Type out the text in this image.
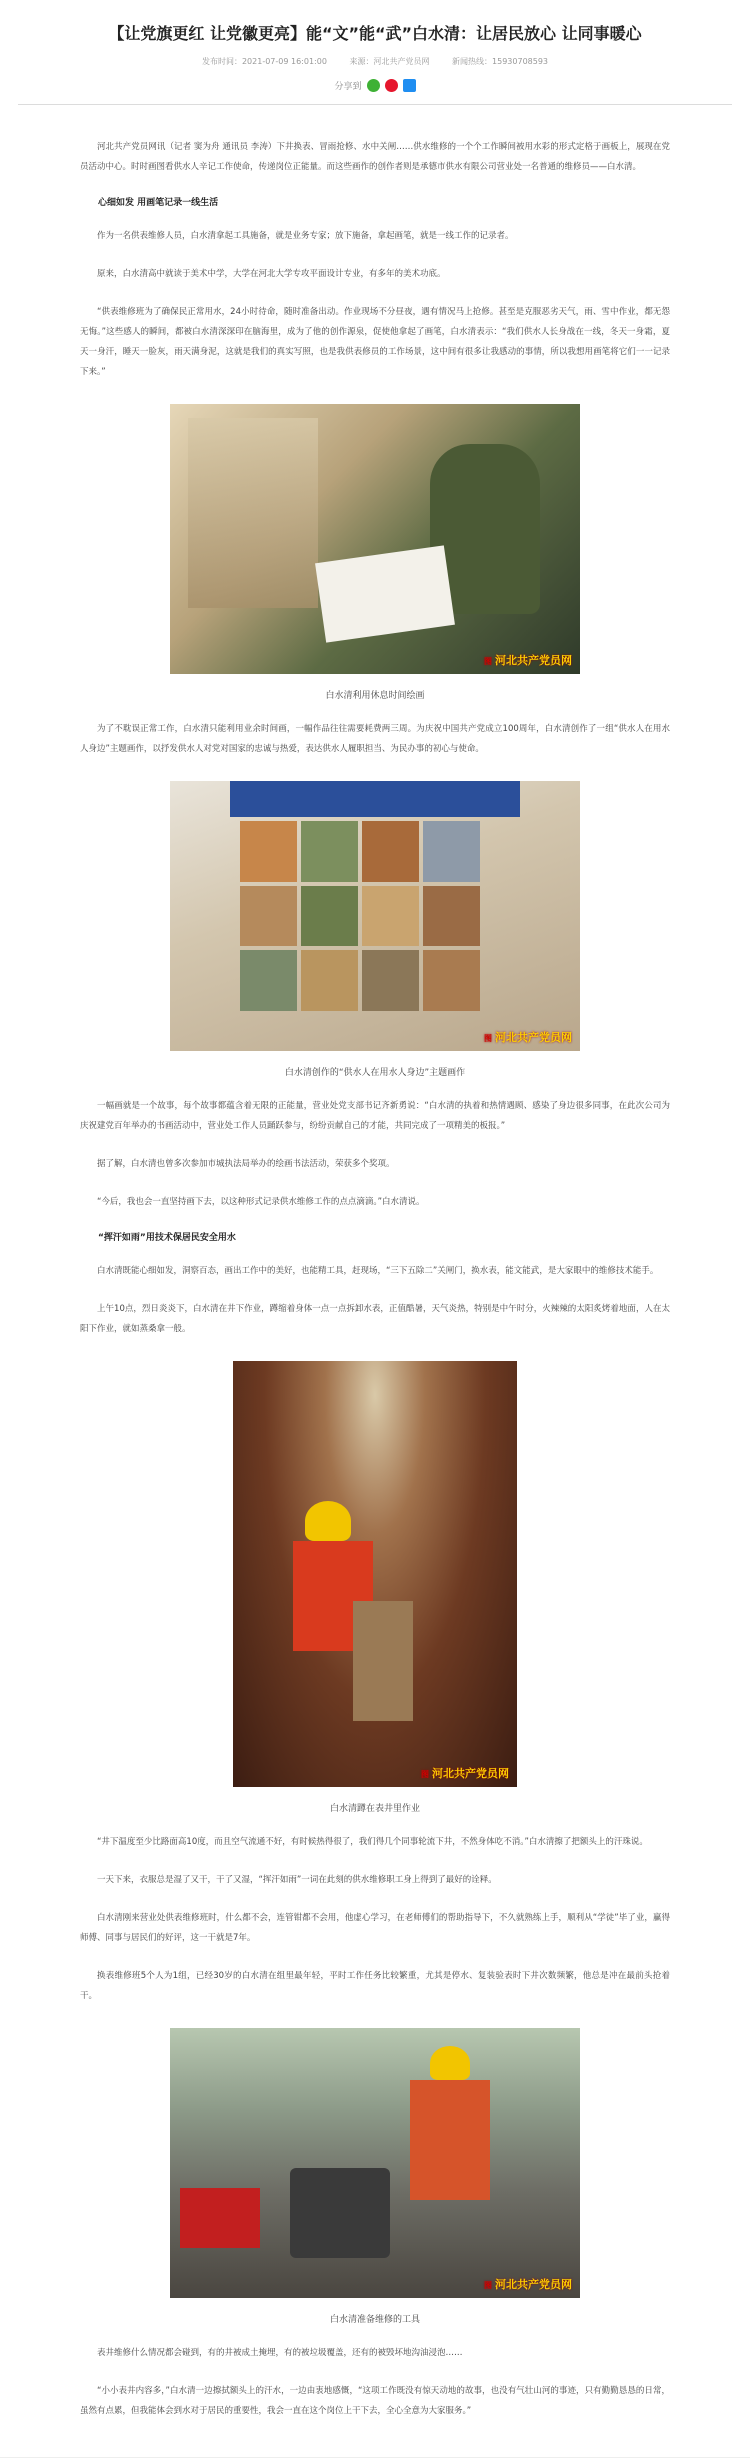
【让党旗更红 让党徽更亮】能“文”能“武”白水清：让居民放心 让同事暖心
发布时间：2021-07-09 16:01:00	来源：河北共产党员网	新闻热线：15930708593
分享到

河北共产党员网讯（记者 窦为舟 通讯员 李涛）下井换表、冒雨抢修、水中关闸……供水维修的一个个工作瞬间被用水彩的形式定格于画板上，展现在党员活动中心。时时画图看供水人辛记工作使命，传递岗位正能量。而这些画作的创作者则是承德市供水有限公司营业处一名普通的维修员——白水清。

心细如发 用画笔记录一线生活

作为一名供表维修人员，白水清拿起工具施备，就是业务专家；放下施备，拿起画笔，就是一线工作的记录者。

原来，白水清高中就读于美术中学，大学在河北大学专攻平面设计专业，有多年的美术功底。

“供表维修班为了确保民正常用水，24小时待命，随时准备出动。作业现场不分昼夜，遇有情况马上抢修。甚至是克服恶劣天气，雨、雪中作业，都无怨无悔。”这些感人的瞬间，都被白水清深深印在脑海里，成为了他的创作源泉，促使他拿起了画笔，白水清表示：“我们供水人长身战在一线，冬天一身霜，夏天一身汗，睡天一脸灰，雨天满身泥，这就是我们的真实写照，也是我供表修员的工作场景，这中间有很多让我感动的事情，所以我想用画笔将它们一一记录下来。”

图 河北共产党员网
白水清利用休息时间绘画

为了不耽误正常工作，白水清只能利用业余时间画，一幅作品往往需要耗费两三周。为庆祝中国共产党成立100周年，白水清创作了一组“供水人在用水人身边”主题画作，以抒发供水人对党对国家的忠诚与热爱，表达供水人履职担当、为民办事的初心与使命。

图 河北共产党员网
白水清创作的“供水人在用水人身边”主题画作

一幅画就是一个故事，每个故事都蕴含着无限的正能量，营业处党支部书记齐新勇说：“白水清的执着和热情遇顾、感染了身边很多同事，在此次公司为庆祝建党百年举办的书画活动中，营业处工作人员踊跃参与，纷纷贡献自己的才能，共同完成了一项精美的板报。”

据了解，白水清也曾多次参加市城执法局举办的绘画书法活动，荣获多个奖项。

“今后，我也会一直坚持画下去，以这种形式记录供水维修工作的点点滴滴。”白水清说。

“挥汗如雨”用技术保居民安全用水

白水清既能心细如发，洞察百态，画出工作中的美好，也能精工具，赶现场，“三下五除二”关闸门，换水表，能文能武，是大家眼中的维修技术能手。

上午10点，烈日炎炎下，白水清在井下作业，蹲缩着身体一点一点拆卸水表，正值酷暑，天气炎热，特别是中午时分，火辣辣的太阳炙烤着地面，人在太阳下作业，就如蒸桑拿一般。

图 河北共产党员网
白水清蹲在表井里作业

“井下温度至少比路面高10度，而且空气流通不好，有时候热得很了，我们得几个同事轮流下井，不然身体吃不消。”白水清擦了把额头上的汗珠说。

一天下来，衣服总是湿了又干，干了又湿，“挥汗如雨”一词在此刻的供水维修职工身上得到了最好的诠释。

白水清刚来营业处供表维修班时，什么都不会，连管钳都不会用，他虚心学习，在老师傅们的帮助指导下，不久就熟练上手，顺利从“学徒”毕了业，赢得师傅、同事与居民们的好评，这一干就是7年。

换表维修班5个人为1组，已经30岁的白水清在组里最年轻，平时工作任务比较繁重，尤其是停水、复装验表时下井次数频繁，他总是冲在最前头抢着干。

图 河北共产党员网
白水清准备维修的工具

表井维修什么情况都会碰到，有的井被成土掩埋，有的被垃圾覆盖，还有的被毁坏地沟油浸泡……

“小小表井内容多，”白水清一边擦拭额头上的汗水，一边由衷地感慨，“这项工作既没有惊天动地的故事，也没有气壮山河的事迹，只有勤勤恳恳的日常，虽然有点累，但我能体会到水对于居民的重要性，我会一直在这个岗位上干下去，全心全意为大家服务。”
